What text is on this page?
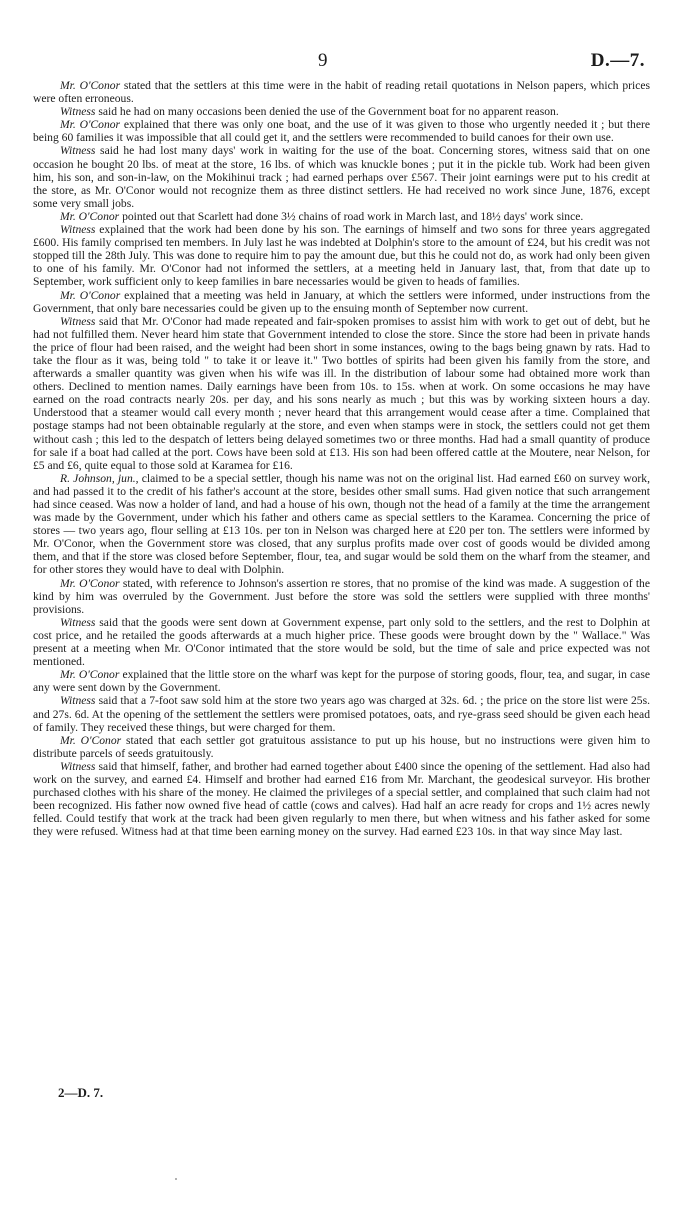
9	D.—7.

Mr. O'Conor stated that the settlers at this time were in the habit of reading retail quotations in Nelson papers, which prices were often erroneous.

Witness said he had on many occasions been denied the use of the Government boat for no apparent reason.

Mr. O'Conor explained that there was only one boat, and the use of it was given to those who urgently needed it ; but there being 60 families it was impossible that all could get it, and the settlers were recommended to build canoes for their own use.

Witness said he had lost many days' work in waiting for the use of the boat. Concerning stores, witness said that on one occasion he bought 20 lbs. of meat at the store, 16 lbs. of which was knuckle bones ; put it in the pickle tub. Work had been given him, his son, and son-in-law, on the Mokihinui track ; had earned perhaps over £567. Their joint earnings were put to his credit at the store, as Mr. O'Conor would not recognize them as three distinct settlers. He had received no work since June, 1876, except some very small jobs.

Mr. O'Conor pointed out that Scarlett had done 3½ chains of road work in March last, and 18½ days' work since.

Witness explained that the work had been done by his son. The earnings of himself and two sons for three years aggregated £600. His family comprised ten members. In July last he was indebted at Dolphin's store to the amount of £24, but his credit was not stopped till the 28th July. This was done to require him to pay the amount due, but this he could not do, as work had only been given to one of his family. Mr. O'Conor had not informed the settlers, at a meeting held in January last, that, from that date up to September, work sufficient only to keep families in bare necessaries would be given to heads of families.

Mr. O'Conor explained that a meeting was held in January, at which the settlers were informed, under instructions from the Government, that only bare necessaries could be given up to the ensuing month of September now current.

Witness said that Mr. O'Conor had made repeated and fair-spoken promises to assist him with work to get out of debt, but he had not fulfilled them. Never heard him state that Government intended to close the store. Since the store had been in private hands the price of flour had been raised, and the weight had been short in some instances, owing to the bags being gnawn by rats. Had to take the flour as it was, being told " to take it or leave it." Two bottles of spirits had been given his family from the store, and afterwards a smaller quantity was given when his wife was ill. In the distribution of labour some had obtained more work than others. Declined to mention names. Daily earnings have been from 10s. to 15s. when at work. On some occasions he may have earned on the road contracts nearly 20s. per day, and his sons nearly as much ; but this was by working sixteen hours a day. Understood that a steamer would call every month ; never heard that this arrangement would cease after a time. Complained that postage stamps had not been obtainable regularly at the store, and even when stamps were in stock, the settlers could not get them without cash ; this led to the despatch of letters being delayed sometimes two or three months. Had had a small quantity of produce for sale if a boat had called at the port. Cows have been sold at £13. His son had been offered cattle at the Moutere, near Nelson, for £5 and £6, quite equal to those sold at Karamea for £16.

R. Johnson, jun., claimed to be a special settler, though his name was not on the original list. Had earned £60 on survey work, and had passed it to the credit of his father's account at the store, besides other small sums. Had given notice that such arrangement had since ceased. Was now a holder of land, and had a house of his own, though not the head of a family at the time the arrangement was made by the Government, under which his father and others came as special settlers to the Karamea. Concerning the price of stores — two years ago, flour selling at £13 10s. per ton in Nelson was charged here at £20 per ton. The settlers were informed by Mr. O'Conor, when the Government store was closed, that any surplus profits made over cost of goods would be divided among them, and that if the store was closed before September, flour, tea, and sugar would be sold them on the wharf from the steamer, and for other stores they would have to deal with Dolphin.

Mr. O'Conor stated, with reference to Johnson's assertion re stores, that no promise of the kind was made. A suggestion of the kind by him was overruled by the Government. Just before the store was sold the settlers were supplied with three months' provisions.

Witness said that the goods were sent down at Government expense, part only sold to the settlers, and the rest to Dolphin at cost price, and he retailed the goods afterwards at a much higher price. These goods were brought down by the " Wallace." Was present at a meeting when Mr. O'Conor intimated that the store would be sold, but the time of sale and price expected was not mentioned.

Mr. O'Conor explained that the little store on the wharf was kept for the purpose of storing goods, flour, tea, and sugar, in case any were sent down by the Government.

Witness said that a 7-foot saw sold him at the store two years ago was charged at 32s. 6d. ; the price on the store list were 25s. and 27s. 6d. At the opening of the settlement the settlers were promised potatoes, oats, and rye-grass seed should be given each head of family. They received these things, but were charged for them.

Mr. O'Conor stated that each settler got gratuitous assistance to put up his house, but no instructions were given him to distribute parcels of seeds gratuitously.

Witness said that himself, father, and brother had earned together about £400 since the opening of the settlement. Had also had work on the survey, and earned £4. Himself and brother had earned £16 from Mr. Marchant, the geodesical surveyor. His brother purchased clothes with his share of the money. He claimed the privileges of a special settler, and complained that such claim had not been recognized. His father now owned five head of cattle (cows and calves). Had half an acre ready for crops and 1½ acres newly felled. Could testify that work at the track had been given regularly to men there, but when witness and his father asked for some they were refused. Witness had at that time been earning money on the survey. Had earned £23 10s. in that way since May last.

2—D. 7.
